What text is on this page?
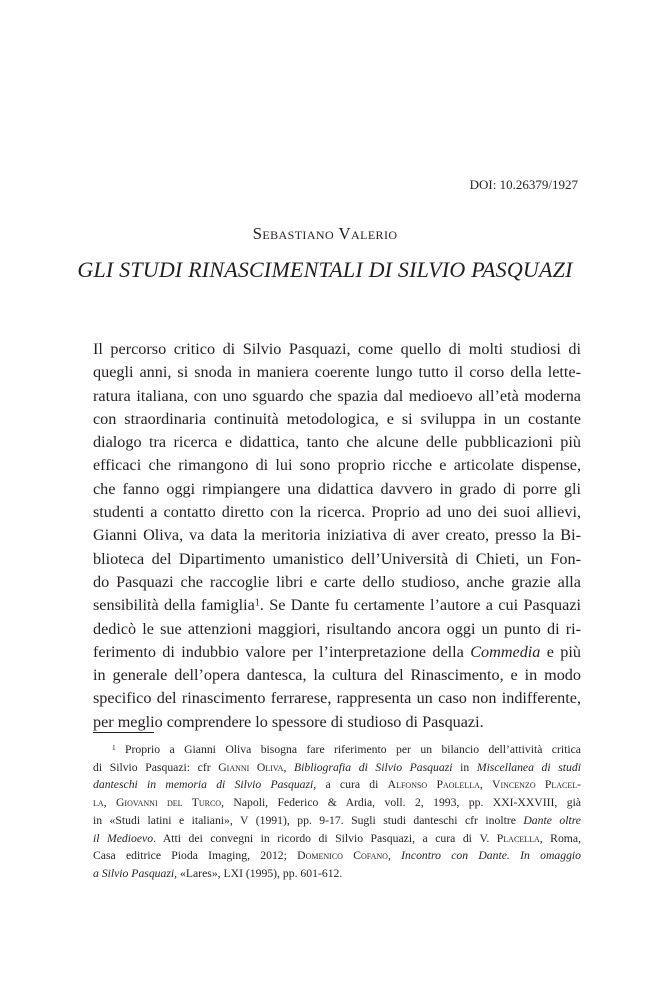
DOI: 10.26379/1927
Sebastiano Valerio
GLI STUDI RINASCIMENTALI DI SILVIO PASQUAZI
Il percorso critico di Silvio Pasquazi, come quello di molti studiosi di
quegli anni, si snoda in maniera coerente lungo tutto il corso della lette-
ratura italiana, con uno sguardo che spazia dal medioevo all’età moderna
con straordinaria continuità metodologica, e si sviluppa in un costante
dialogo tra ricerca e didattica, tanto che alcune delle pubblicazioni più
efficaci che rimangono di lui sono proprio ricche e articolate dispense,
che fanno oggi rimpiangere una didattica davvero in grado di porre gli
studenti a contatto diretto con la ricerca. Proprio ad uno dei suoi allievi,
Gianni Oliva, va data la meritoria iniziativa di aver creato, presso la Bi-
blioteca del Dipartimento umanistico dell’Università di Chieti, un Fon-
do Pasquazi che raccoglie libri e carte dello studioso, anche grazie alla
sensibilità della famiglia$^1$. Se Dante fu certamente l’autore a cui Pasquazi
dedicò le sue attenzioni maggiori, risultando ancora oggi un punto di ri-
ferimento di indubbio valore per l’interpretazione della Commedia e più
in generale dell’opera dantesca, la cultura del Rinascimento, e in modo
specifico del rinascimento ferrarese, rappresenta un caso non indifferente,
per meglio comprendere lo spessore di studioso di Pasquazi.
$^1$ Proprio a Gianni Oliva bisogna fare riferimento per un bilancio dell’attività critica
di Silvio Pasquazi: cfr Gianni Oliva, Bibliografia di Silvio Pasquazi in Miscellanea di studi
danteschi in memoria di Silvio Pasquazi, a cura di Alfonso Paolella, Vincenzo Placel-
la, Giovanni del Turco, Napoli, Federico & Ardia, voll. 2, 1993, pp. XXI-XXVIII, già
in «Studi latini e italiani», V (1991), pp. 9-17. Sugli studi danteschi cfr inoltre Dante oltre
il Medioevo. Atti dei convegni in ricordo di Silvio Pasquazi, a cura di V. Placella, Roma,
Casa editrice Pioda Imaging, 2012; Domenico Cofano, Incontro con Dante. In omaggio
a Silvio Pasquazi, «Lares», LXI (1995), pp. 601-612.
